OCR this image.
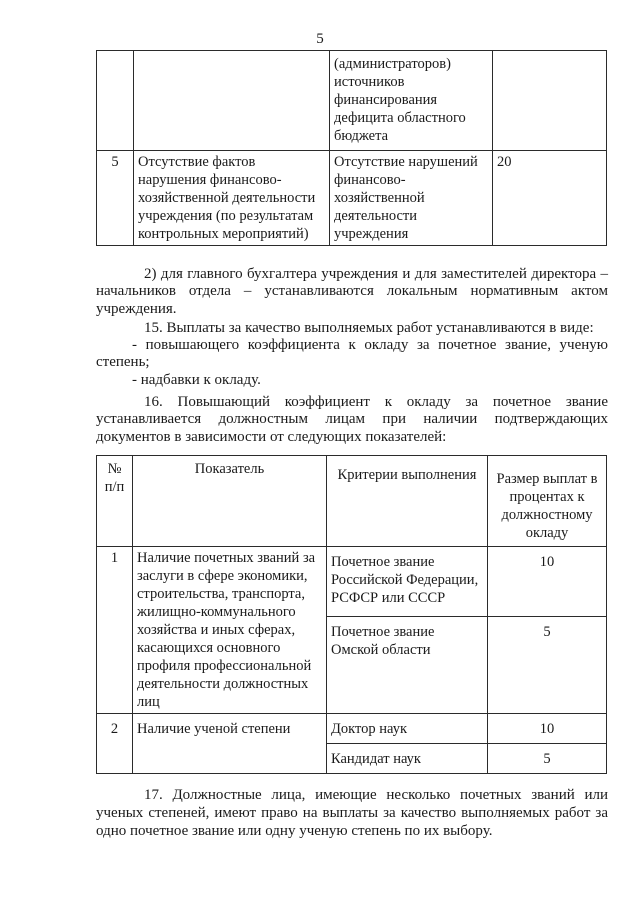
5
		(администраторов) источников финансирования дефицита областного бюджета	
5	Отсутствие фактов нарушения финансово-хозяйственной деятельности учреждения (по результатам контрольных мероприятий)	Отсутствие нарушений финансово-хозяйственной деятельности учреждения	20

2) для главного бухгалтера учреждения и для заместителей директора – начальников отдела – устанавливаются локальным нормативным актом учреждения.

15. Выплаты за качество выполняемых работ устанавливаются в виде:

- повышающего коэффициента к окладу за почетное звание, ученую степень;

- надбавки к окладу.

16. Повышающий коэффициент к окладу за почетное звание устанавливается должностным лицам при наличии подтверждающих документов в зависимости от следующих показателей:

№ п/п	Показатель	Критерии выполнения	Размер выплат в процентах к должностному окладу
1	Наличие почетных званий за заслуги в сфере экономики, строительства, транспорта, жилищно-коммунального хозяйства и иных сферах, касающихся основного профиля профессиональной деятельности должностных лиц	Почетное звание Российской Федерации, РСФСР или СССР	10
		Почетное звание Омской области	5
2	Наличие ученой степени	Доктор наук	10
		Кандидат наук	5

17. Должностные лица, имеющие несколько почетных званий или ученых степеней, имеют право на выплаты за качество выполняемых работ за одно почетное звание или одну ученую степень по их выбору.
